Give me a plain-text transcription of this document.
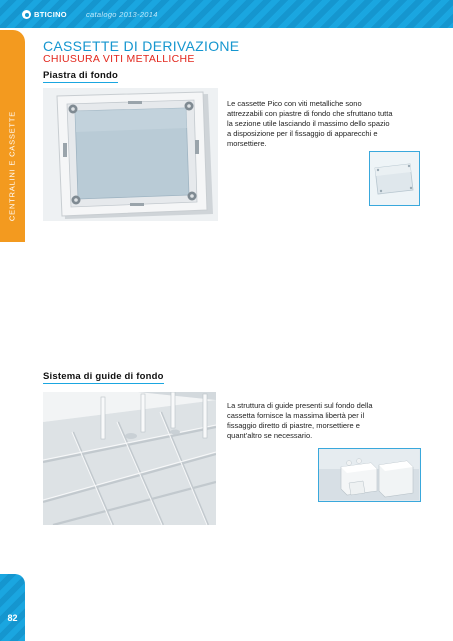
BTICINO	catalogo 2013-2014
CENTRALINI E CASSETTE
CASSETTE DI DERIVAZIONE
CHIUSURA VITI METALLICHE
Piastra di fondo
Le cassette Pico con viti metalliche sono attrezzabili con piastre di fondo che sfruttano tutta la sezione utile lasciando il massimo dello spazio a disposizione per il fissaggio di apparecchi e morsettiere.
Sistema di guide di fondo
La struttura di guide presenti sul fondo della cassetta fornisce la massima libertà per il fissaggio diretto di piastre, morsettiere e quant'altro se necessario.
82
